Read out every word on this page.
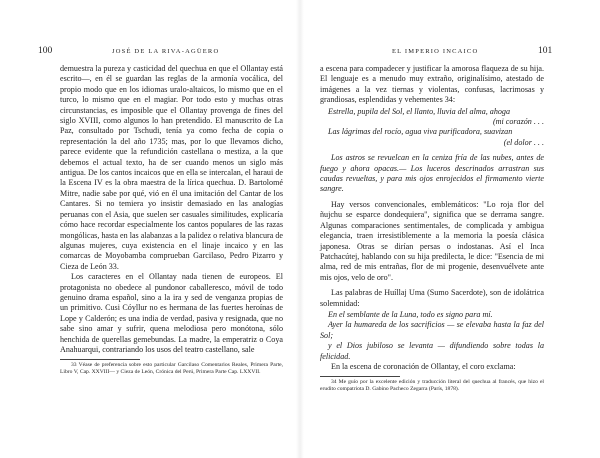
100	JOSÉ DE LA RIVA-AGÜERO

demuestra la pureza y casticidad del quechua en que el Ollantay está escrito—, en él se guardan las reglas de la armonía vocálica, del propio modo que en los idiomas uralo-altaicos, lo mismo que en el turco, lo mismo que en el magiar. Por todo esto y muchas otras circunstancias, es imposible que el Ollantay provenga de fines del siglo XVIII, como algunos lo han pretendido. El manuscrito de La Paz, consultado por Tschudi, tenía ya como fecha de copia o representación la del año 1735; mas, por lo que llevamos dicho, parece evidente que la refundición castellana o mestiza, a la que debemos el actual texto, ha de ser cuando menos un siglo más antigua. De los cantos incaicos que en ella se intercalan, el haraui de la Escena IV es la obra maestra de la lírica quechua. D. Bartolomé Mitre, nadie sabe por qué, vió en él una imitación del Cantar de los Cantares. Si no temiera yo insistir demasiado en las analogías peruanas con el Asia, que suelen ser casuales similitudes, explicaría cómo hace recordar especialmente los cantos populares de las razas mongólicas, hasta en las alabanzas a la palidez o relativa blancura de algunas mujeres, cuya existencia en el linaje incaico y en las comarcas de Moyobamba comprueban Garcilaso, Pedro Pizarro y Cieza de León 33.

Los caracteres en el Ollantay nada tienen de europeos. El protagonista no obedece al pundonor caballeresco, móvil de todo genuino drama español, sino a la ira y sed de venganza propias de un primitivo. Cusi Cóyllur no es hermana de las fuertes heroínas de Lope y Calderón; es una india de verdad, pasiva y resignada, que no sabe sino amar y sufrir, quena melodiosa pero monótona, sólo henchida de querellas gemebundas. La madre, la emperatriz o Coya Anahuarqui, contrariando los usos del teatro castellano, sale

33 Véase de preferencia sobre esto particular Garcilaso Comentarios Reales, Primera Parte, Libro V, Cap. XXVIII— y Cieza de León, Crónica del Perú, Primera Parte Cap. LXXVII.

EL IMPERIO INCAICO	101

a escena para compadecer y justificar la amorosa flaqueza de su hija. El lenguaje es a menudo muy extraño, originalísimo, atestado de imágenes a la vez tiernas y violentas, confusas, lacrimosas y grandiosas, esplendidas y vehementes 34:

Estrella, pupila del Sol, el llanto, lluvia del alma, ahoga
(mi corazón . . .
Las lágrimas del rocío, agua viva purificadora, suavizan
(el dolor . . .

Los astros se revuelcan en la ceniza fría de las nubes, antes de fuego y ahora opacas.— Los luceros descrinados arrastran sus caudas revueltas, y para mis ojos enrojecidos el firmamento vierte sangre.

Hay versos convencionales, emblemáticos: "Lo roja flor del ñujchu se esparce dondequiera", significa que se derrama sangre. Algunas comparaciones sentimentales, de complicada y ambigua elegancia, traen irresistiblemente a la memoria la poesía clásica japonesa. Otras se dirían persas o indostanas. Así el Inca Patchacútej, hablando con su hija predilecta, le dice: "Esencia de mi alma, red de mis entrañas, flor de mi progenie, desenvuélvete ante mis ojos, velo de oro".

Las palabras de Huíllaj Uma (Sumo Sacerdote), son de idolátrica solemnidad:

En el semblante de la Luna, todo es signo para mí.
Ayer la humareda de los sacrificios — se elevaba hasta la faz del Sol;
y el Dios jubiloso se levanta — difundiendo sobre todas la felicidad.

En la escena de coronación de Ollantay, el coro exclama:

34 Me guío por la excelente edición y traducción literal del quechua al francés, que hizo el erudito compatriota D. Gabino Pacheco Zegarra (París, 1878).
